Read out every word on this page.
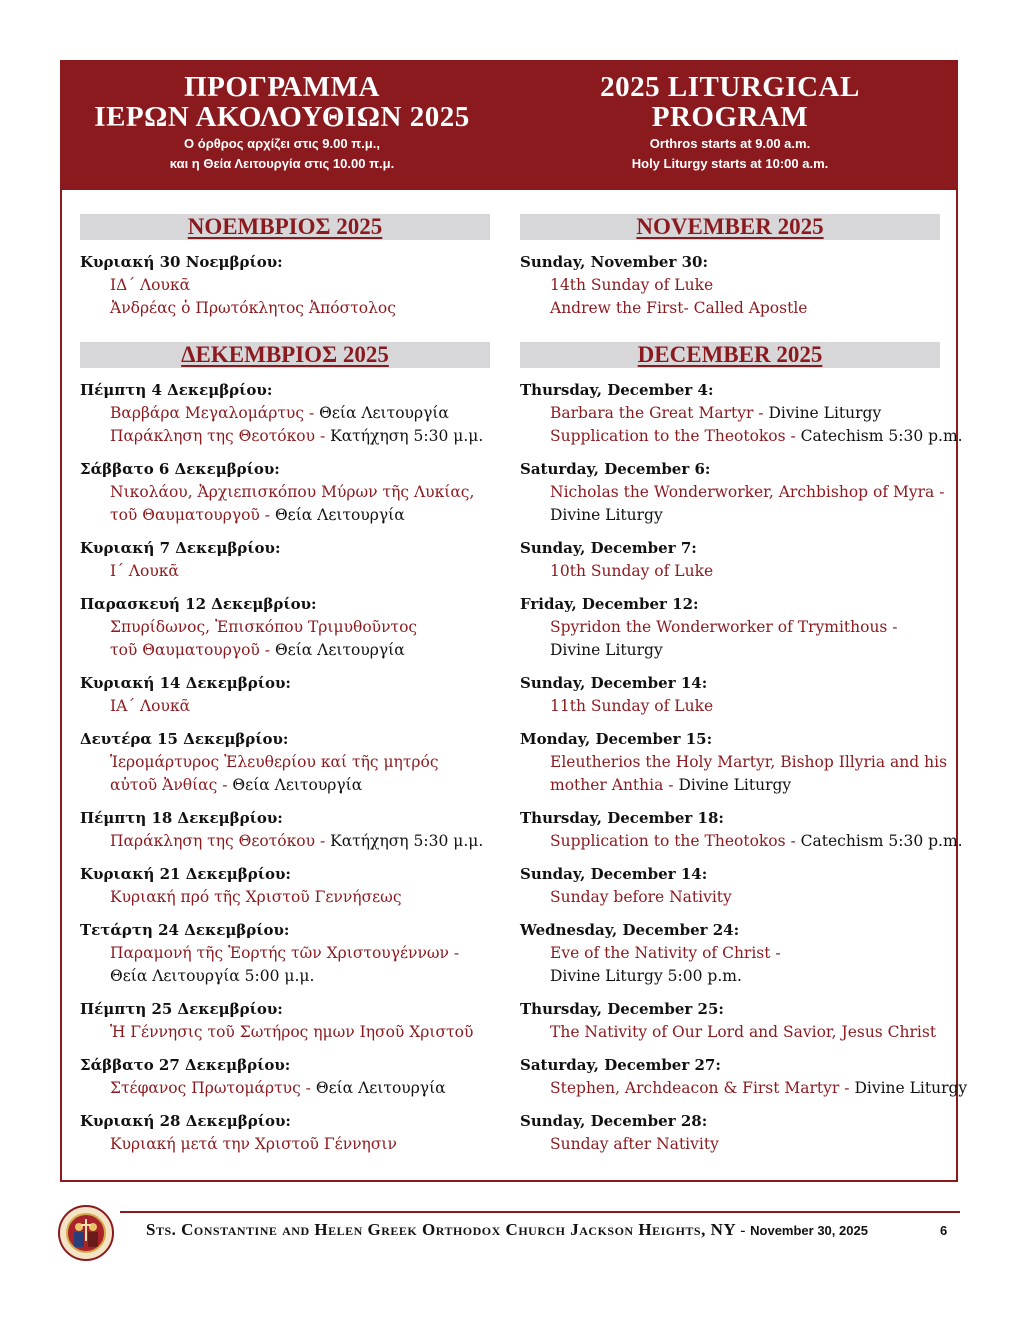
ΠΡΟΓΡΑΜΜΑ
ΙΕΡΩΝ ΑΚΟΛΟΥΘΙΩΝ 2025

Ο όρθρος αρχίζει στις 9.00 π.μ.,

και η Θεία Λειτουργία στις 10.00 π.μ.

2025 LITURGICAL
PROGRAM

Orthros starts at 9.00 a.m.

Holy Liturgy starts at 10:00 a.m.

ΝΟΕΜΒΡΙΟΣ 2025
Κυριακή 30 Νοεμβρίου:
ΙΔ΄ Λουκᾶ
Ἀνδρέας ὁ Πρωτόκλητος Ἀπόστολος
ΔΕΚΕΜΒΡΙΟΣ 2025
Πέμπτη 4 Δεκεμβρίου:
Βαρβάρα Μεγαλομάρτυς - Θεία Λειτουργία
Παράκληση της Θεοτόκου - Κατήχηση 5:30 μ.μ.
Σάββατο 6 Δεκεμβρίου:
Νικολάου, Ἀρχιεπισκόπου Μύρων τῆς Λυκίας,
τοῦ Θαυματουργοῦ - Θεία Λειτουργία
Κυριακή 7 Δεκεμβρίου:
Ι΄ Λουκᾶ
Παρασκευή 12 Δεκεμβρίου:
Σπυρίδωνος, Ἐπισκόπου Τριμυθοῦντος
τοῦ Θαυματουργοῦ - Θεία Λειτουργία
Κυριακή 14 Δεκεμβρίου:
ΙΑ΄ Λουκᾶ
Δευτέρα 15 Δεκεμβρίου:
Ἱερομάρτυρος Ἐλευθερίου καί τῆς μητρός
αὐτοῦ Ἀνθίας - Θεία Λειτουργία
Πέμπτη 18 Δεκεμβρίου:
Παράκληση της Θεοτόκου - Κατήχηση 5:30 μ.μ.
Κυριακή 21 Δεκεμβρίου:
Κυριακή πρό τῆς Χριστοῦ Γεννήσεως
Τετάρτη 24 Δεκεμβρίου:
Παραμονή τῆς Ἑορτής τῶν Χριστουγέννων -
Θεία Λειτουργία 5:00 μ.μ.
Πέμπτη 25 Δεκεμβρίου:
Ἡ Γέννησις τοῦ Σωτήρος ημων Ιησοῦ Χριστοῦ
Σάββατο 27 Δεκεμβρίου:
Στέφανος Πρωτομάρτυς - Θεία Λειτουργία
Κυριακή 28 Δεκεμβρίου:
Κυριακή μετά την Χριστοῦ Γέννησιν
NOVEMBER 2025
Sunday, November 30:
14th Sunday of Luke
Andrew the First- Called Apostle
DECEMBER 2025
Thursday, December 4:
Barbara the Great Martyr - Divine Liturgy
Supplication to the Theotokos - Catechism 5:30 p.m.
Saturday, December 6:
Nicholas the Wonderworker, Archbishop of Myra -
Divine Liturgy
Sunday, December 7:
10th Sunday of Luke
Friday, December 12:
Spyridon the Wonderworker of Trymithous -
Divine Liturgy
Sunday, December 14:
11th Sunday of Luke
Monday, December 15:
Eleutherios the Holy Martyr, Bishop Illyria and his
mother Anthia - Divine Liturgy
Thursday, December 18:
Supplication to the Theotokos - Catechism 5:30 p.m.
Sunday, December 14:
Sunday before Nativity
Wednesday, December 24:
Eve of the Nativity of Christ -
Divine Liturgy 5:00 p.m.
Thursday, December 25:
The Nativity of Our Lord and Savior, Jesus Christ
Saturday, December 27:
Stephen, Archdeacon & First Martyr - Divine Liturgy
Sunday, December 28:
Sunday after Nativity
Sts. Constantine and Helen Greek Orthodox Church Jackson Heights, NY - November 30, 2025	6
